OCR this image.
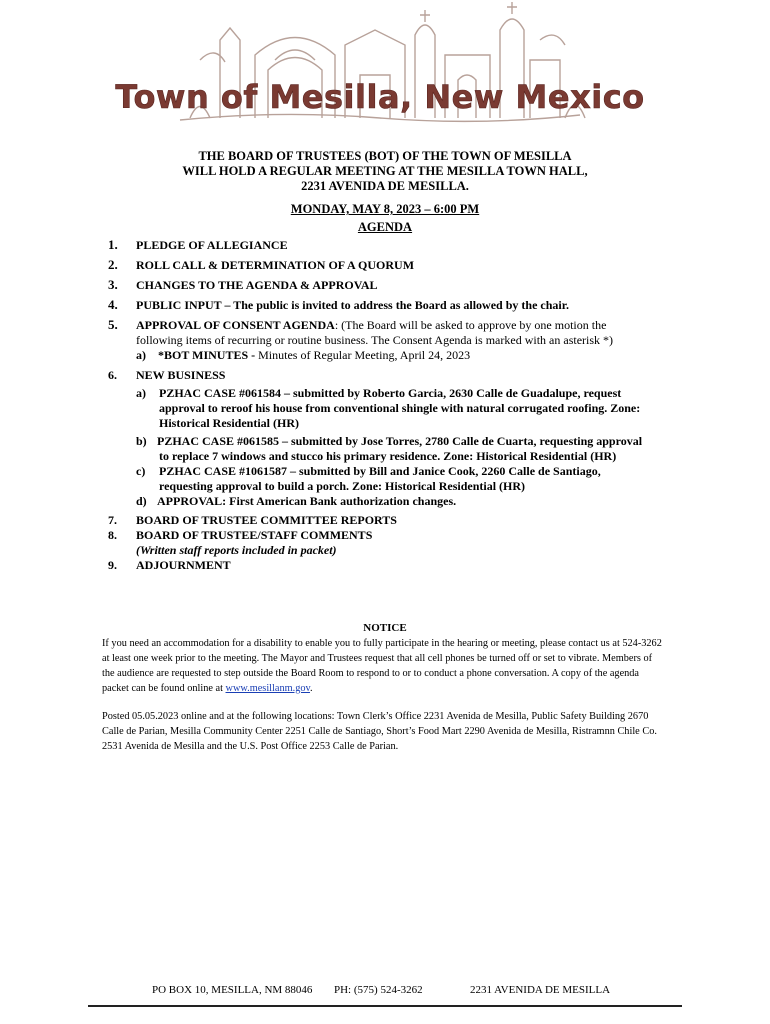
Town of Mesilla, New Mexico
THE BOARD OF TRUSTEES (BOT) OF THE TOWN OF MESILLA
WILL HOLD A REGULAR MEETING AT THE MESILLA TOWN HALL,
2231 AVENIDA DE MESILLA.
MONDAY, MAY 8, 2023 – 6:00 PM
AGENDA
1. PLEDGE OF ALLEGIANCE
2. ROLL CALL & DETERMINATION OF A QUORUM
3. CHANGES TO THE AGENDA & APPROVAL
4. PUBLIC INPUT – The public is invited to address the Board as allowed by the chair.
5. APPROVAL OF CONSENT AGENDA: (The Board will be asked to approve by one motion the
following items of recurring or routine business. The Consent Agenda is marked with an asterisk *)
a) *BOT MINUTES - Minutes of Regular Meeting, April 24, 2023
6. NEW BUSINESS
a) PZHAC CASE #061584 – submitted by Roberto Garcia, 2630 Calle de Guadalupe, request
approval to reroof his house from conventional shingle with natural corrugated roofing. Zone:
Historical Residential (HR)
b) PZHAC CASE #061585 – submitted by Jose Torres, 2780 Calle de Cuarta, requesting approval
to replace 7 windows and stucco his primary residence. Zone: Historical Residential (HR)
c) PZHAC CASE #1061587 – submitted by Bill and Janice Cook, 2260 Calle de Santiago,
requesting approval to build a porch. Zone: Historical Residential (HR)
d) APPROVAL: First American Bank authorization changes.
7. BOARD OF TRUSTEE COMMITTEE REPORTS
8. BOARD OF TRUSTEE/STAFF COMMENTS
(Written staff reports included in packet)
9. ADJOURNMENT
NOTICE
If you need an accommodation for a disability to enable you to fully participate in the hearing or meeting, please contact us at 524-3262
at least one week prior to the meeting. The Mayor and Trustees request that all cell phones be turned off or set to vibrate. Members of
the audience are requested to step outside the Board Room to respond to or to conduct a phone conversation. A copy of the agenda
packet can be found online at www.mesillanm.gov.
Posted 05.05.2023 online and at the following locations: Town Clerk’s Office 2231 Avenida de Mesilla, Public Safety Building 2670
Calle de Parian, Mesilla Community Center 2251 Calle de Santiago, Short’s Food Mart 2290 Avenida de Mesilla, Ristramnn Chile Co.
2531 Avenida de Mesilla and the U.S. Post Office 2253 Calle de Parian.
PO BOX 10, MESILLA, NM 88046 PH: (575) 524-3262	2231 AVENIDA DE MESILLA
